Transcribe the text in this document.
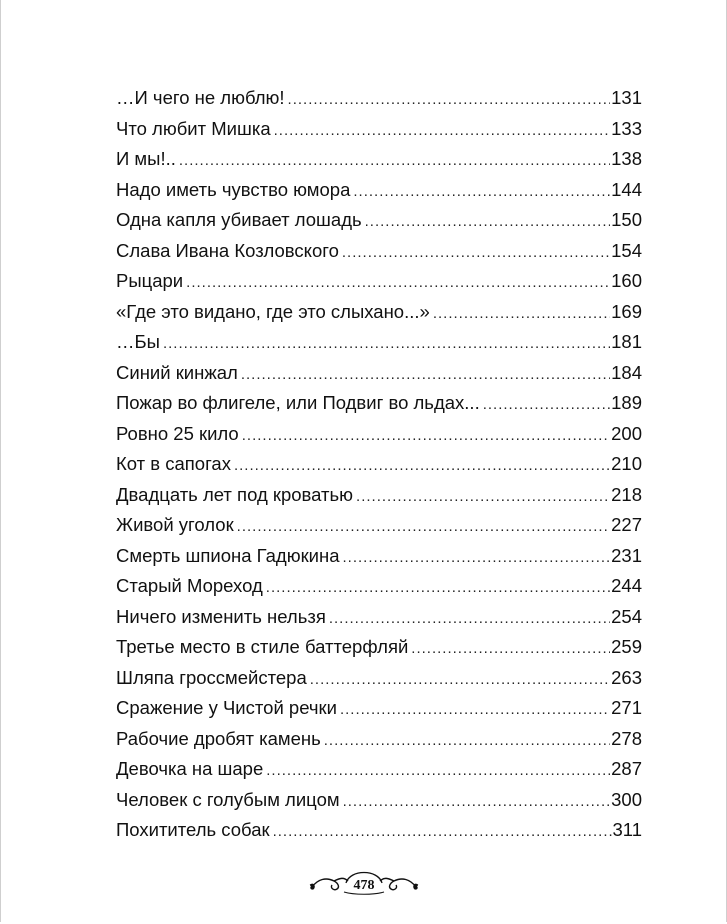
…И чего не люблю! .....	131
Что любит Мишка .....	133
И мы!.. .....	138
Надо иметь чувство юмора .....	144
Одна капля убивает лошадь .....	150
Слава Ивана Козловского .....	154
Рыцари .....	160
«Где это видано, где это слыхано...» .....	169
…Бы .....	181
Синий кинжал .....	184
Пожар во флигеле, или Подвиг во льдах... .....	189
Ровно 25 кило .....	200
Кот в сапогах .....	210
Двадцать лет под кроватью .....	218
Живой уголок .....	227
Смерть шпиона Гадюкина .....	231
Старый Мореход .....	244
Ничего изменить нельзя .....	254
Третье место в стиле баттерфляй .....	259
Шляпа гроссмейстера .....	263
Сражение у Чистой речки .....	271
Рабочие дробят камень .....	278
Девочка на шаре .....	287
Человек с голубым лицом .....	300
Похититель собак .....	311
478
